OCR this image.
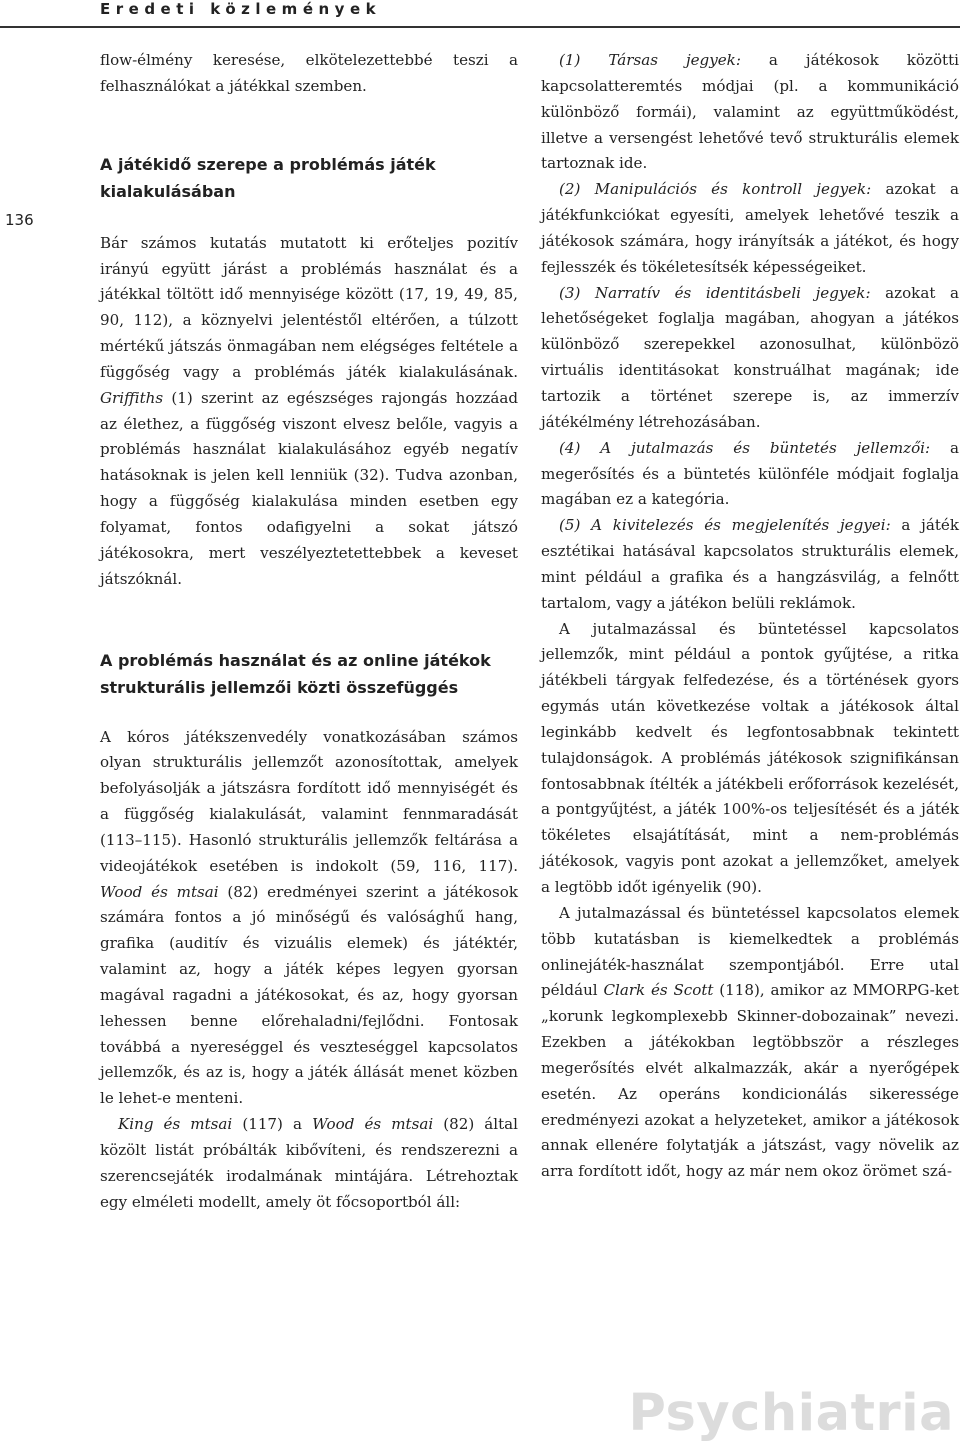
Eredeti közlemények
136

flow-élmény keresése, elkötelezettebbé teszi a felhasználókat a játékkal szemben.

A játékidő szerepe a problémás játék kialakulásában

Bár számos kutatás mutatott ki erőteljes pozitív irányú együtt járást a problémás használat és a játékkal töltött idő mennyisége között (17, 19, 49, 85, 90, 112), a köznyelvi jelentéstől eltérően, a túlzott mértékű játszás önmagában nem elégséges feltétele a függőség vagy a problémás játék kialakulásának. Griffiths (1) szerint az egészséges rajongás hozzáad az élethez, a függőség viszont elvesz belőle, vagyis a problémás használat kialakulásához egyéb negatív hatásoknak is jelen kell lenniük (32). Tudva azonban, hogy a függőség kialakulása minden esetben egy folyamat, fontos odafigyelni a sokat játszó játékosokra, mert veszélyeztetettebbek a keveset játszóknál.

A problémás használat és az online játékok strukturális jellemzői közti összefüggés

A kóros játékszenvedély vonatkozásában számos olyan strukturális jellemzőt azonosítottak, amelyek befolyásolják a játszásra fordított idő mennyiségét és a függőség kialakulását, valamint fennmaradását (113–115). Hasonló strukturális jellemzők feltárása a videojátékok esetében is indokolt (59, 116, 117). Wood és mtsai (82) eredményei szerint a játékosok számára fontos a jó minőségű és valósághű hang, grafika (auditív és vizuális elemek) és játéktér, valamint az, hogy a játék képes legyen gyorsan magával ragadni a játékosokat, és az, hogy gyorsan lehessen benne előrehaladni/fejlődni. Fontosak továbbá a nyereséggel és veszteséggel kapcsolatos jellemzők, és az is, hogy a játék állását menet közben le lehet-e menteni.

King és mtsai (117) a Wood és mtsai (82) által közölt listát próbálták kibővíteni, és rendszerezni a szerencsejáték irodalmának mintájára. Létrehoztak egy elméleti modellt, amely öt főcsoportból áll:

(1) Társas jegyek: a játékosok közötti kapcsolatteremtés módjai (pl. a kommunikáció különböző formái), valamint az együttműködést, illetve a versengést lehetővé tevő strukturális elemek tartoznak ide.

(2) Manipulációs és kontroll jegyek: azokat a játékfunkciókat egyesíti, amelyek lehetővé teszik a játékosok számára, hogy irányítsák a játékot, és hogy fejlesszék és tökéletesítsék képességeiket.

(3) Narratív és identitásbeli jegyek: azokat a lehetőségeket foglalja magában, ahogyan a játékos különböző szerepekkel azonosulhat, különbözö virtuális identitásokat konstruálhat magának; ide tartozik a történet szerepe is, az immerzív játékélmény létrehozásában.

(4) A jutalmazás és büntetés jellemzői: a megerősítés és a büntetés különféle módjait foglalja magában ez a kategória.

(5) A kivitelezés és megjelenítés jegyei: a játék esztétikai hatásával kapcsolatos strukturális elemek, mint például a grafika és a hangzásvilág, a felnőtt tartalom, vagy a játékon belüli reklámok.

A jutalmazással és büntetéssel kapcsolatos jellemzők, mint például a pontok gyűjtése, a ritka játékbeli tárgyak felfedezése, és a történések gyors egymás után következése voltak a játékosok által leginkább kedvelt és legfontosabbnak tekintett tulajdonságok. A problémás játékosok szignifikánsan fontosabbnak ítélték a játékbeli erőforrások kezelését, a pontgyűjtést, a játék 100%-os teljesítését és a játék tökéletes elsajátítását, mint a nem-problémás játékosok, vagyis pont azokat a jellemzőket, amelyek a legtöbb időt igényelik (90).

A jutalmazással és büntetéssel kapcsolatos elemek több kutatásban is kiemelkedtek a problémás onlinejáték-használat szempontjából. Erre utal például Clark és Scott (118), amikor az MMORPG-ket „korunk legkomplexebb Skinner-dobozainak” nevezi. Ezekben a játékokban legtöbbször a részleges megerősítés elvét alkalmazzák, akár a nyerőgépek esetén. Az operáns kondicionálás sikeressége eredményezi azokat a helyzeteket, amikor a játékosok annak ellenére folytatják a játszást, vagy növelik az arra fordított időt, hogy az már nem okoz örömet szá-

Psychiatria
